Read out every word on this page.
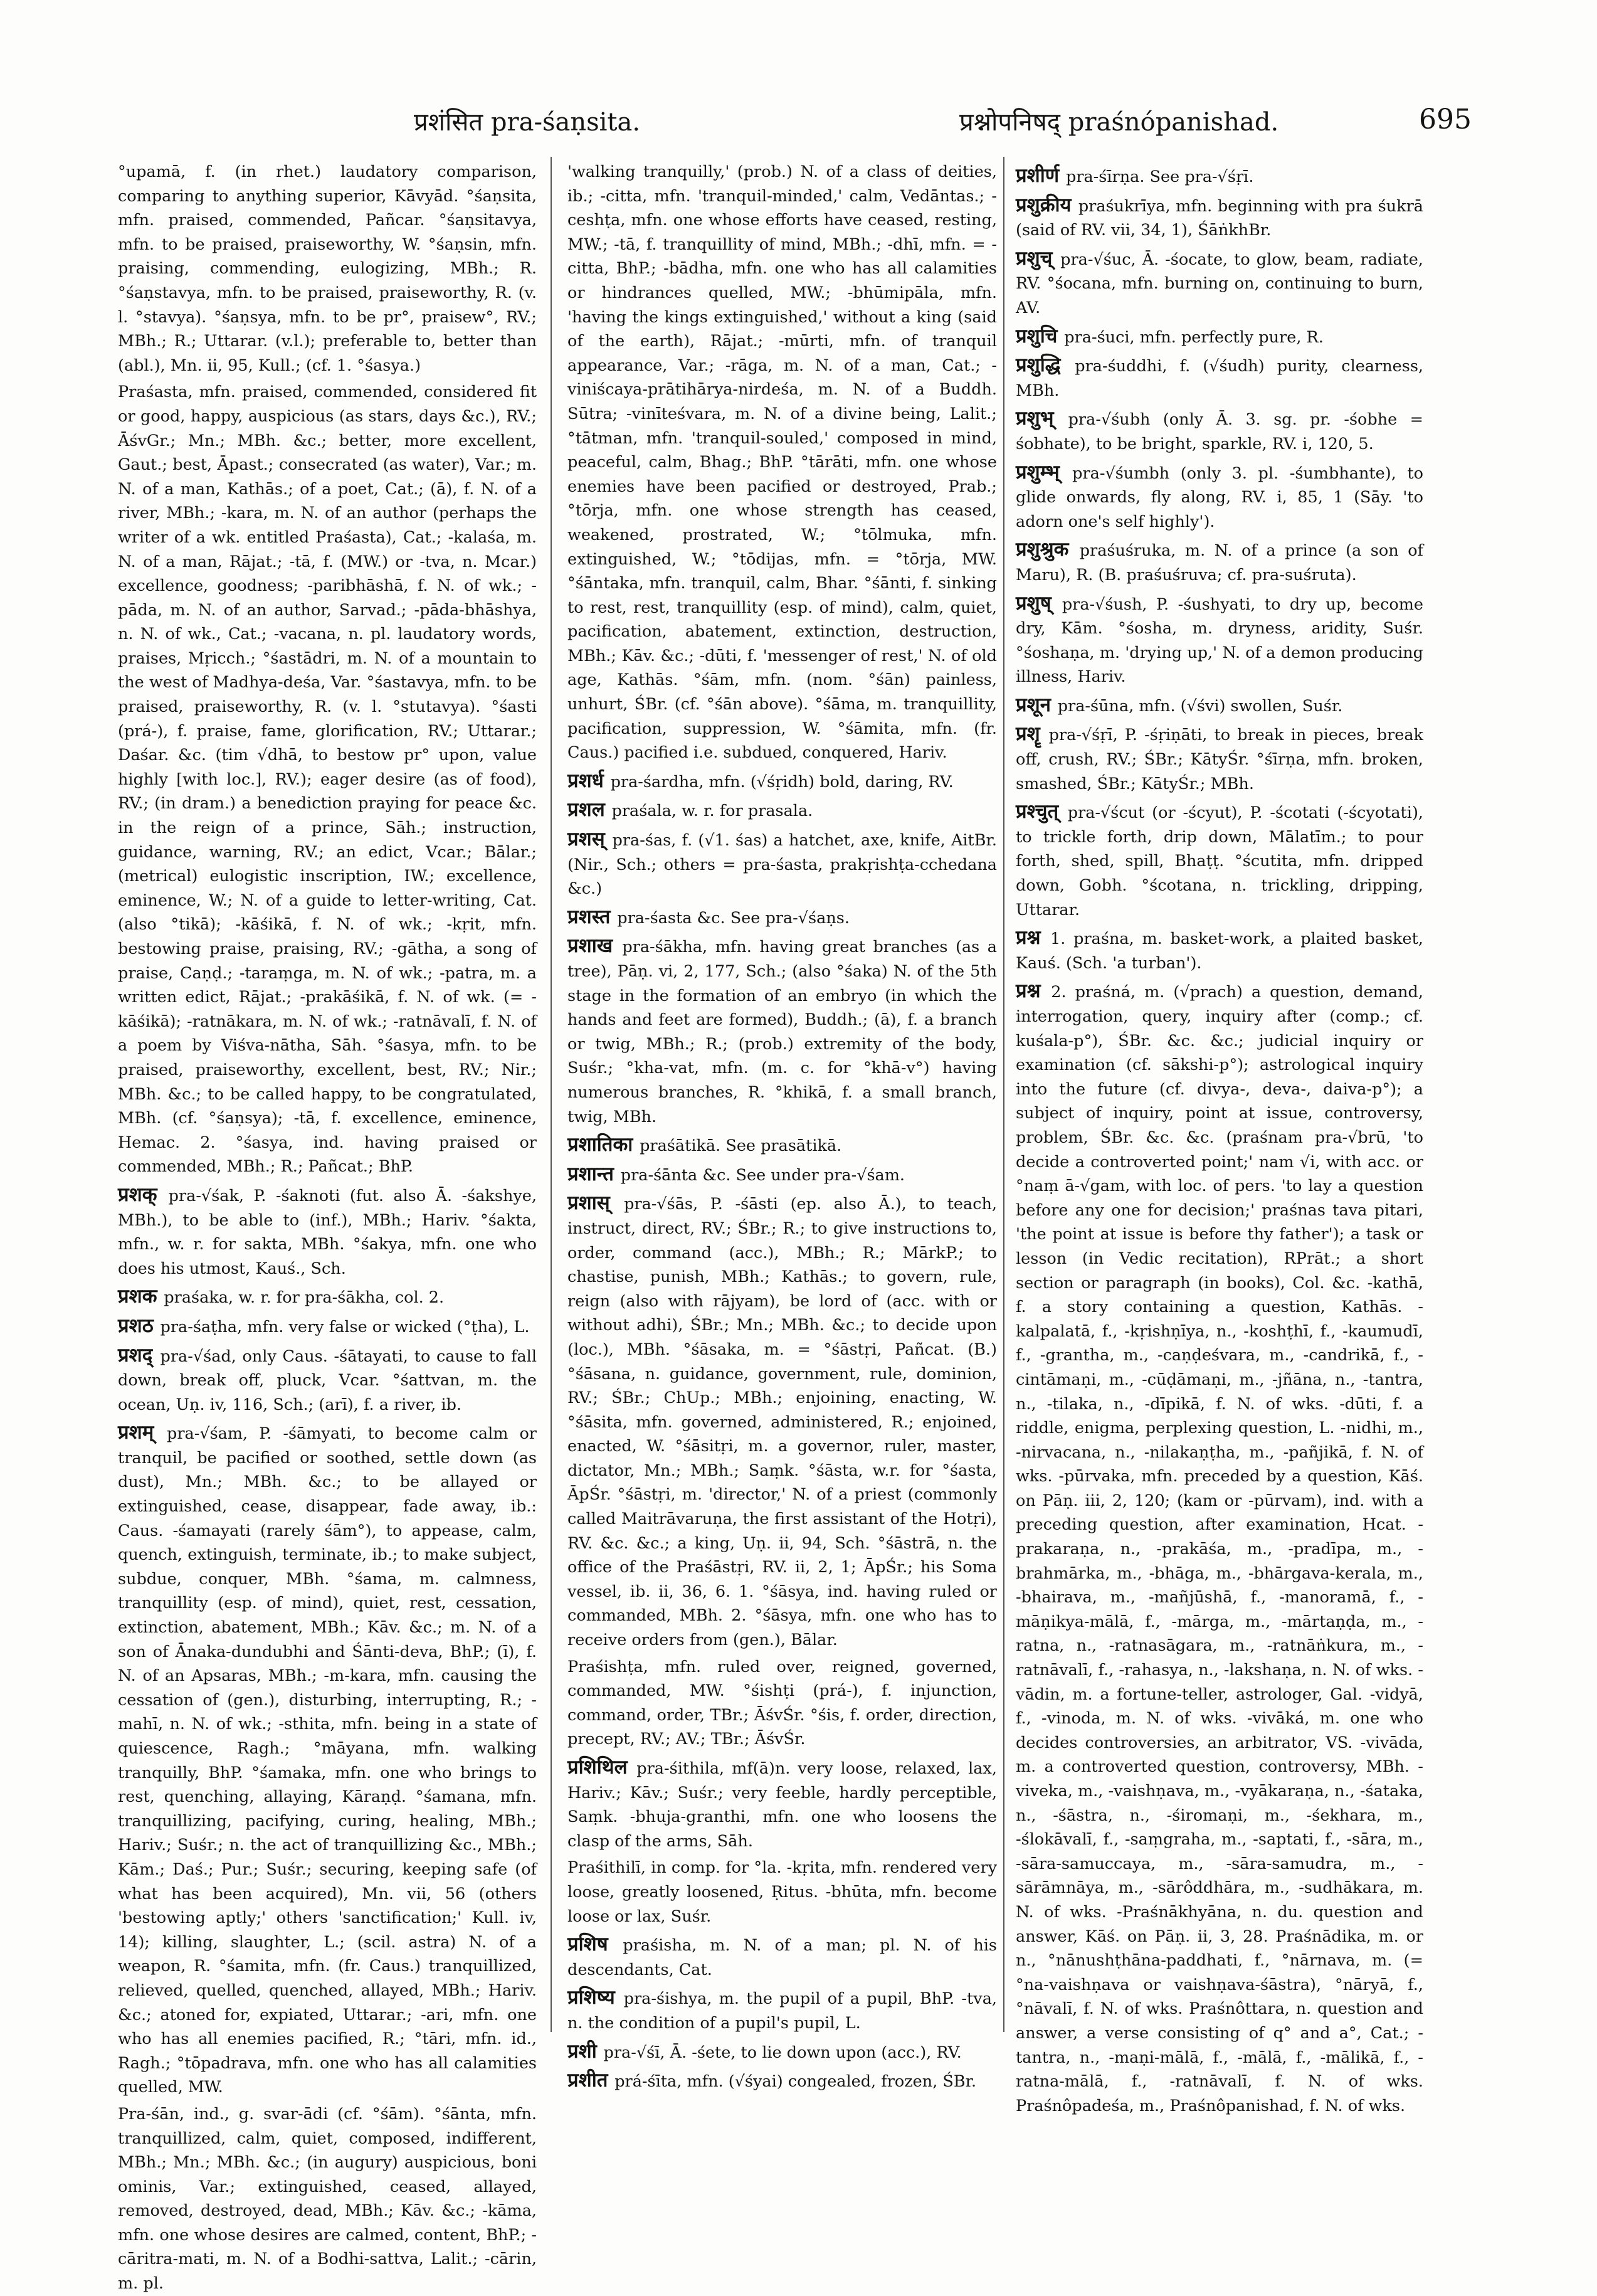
प्रशंसित pra-śaṇsita.	प्रश्नोपनिषद् praśnópanishad.	695

°upamā, f. (in rhet.) laudatory comparison, comparing to anything superior, Kāvyād. °śaṇsita, mfn. praised, commended, Pañcar. °śaṇsitavya, mfn. to be praised, praiseworthy, W. °śaṇsin, mfn. praising, commending, eulogizing, MBh.; R. °śaṇstavya, mfn. to be praised, praiseworthy, R. (v. l. °stavya). °śaṇsya, mfn. to be pr°, praisew°, RV.; MBh.; R.; Uttarar. (v.l.); preferable to, better than (abl.), Mn. ii, 95, Kull.; (cf. 1. °śasya.)

Praśasta, mfn. praised, commended, considered fit or good, happy, auspicious (as stars, days &c.), RV.; ĀśvGr.; Mn.; MBh. &c.; better, more excellent, Gaut.; best, Āpast.; consecrated (as water), Var.; m. N. of a man, Kathās.; of a poet, Cat.; (ā), f. N. of a river, MBh.; -kara, m. N. of an author (perhaps the writer of a wk. entitled Praśasta), Cat.; -kalaśa, m. N. of a man, Rājat.; -tā, f. (MW.) or -tva, n. Mcar.) excellence, goodness; -paribhāshā, f. N. of wk.; -pāda, m. N. of an author, Sarvad.; -pāda-bhāshya, n. N. of wk., Cat.; -vacana, n. pl. laudatory words, praises, Mṛicch.; °śastādri, m. N. of a mountain to the west of Madhya-deśa, Var. °śastavya, mfn. to be praised, praiseworthy, R. (v. l. °stutavya). °śasti (prá-), f. praise, fame, glorification, RV.; Uttarar.; Daśar. &c. (tim √dhā, to bestow pr° upon, value highly [with loc.], RV.); eager desire (as of food), RV.; (in dram.) a benediction praying for peace &c. in the reign of a prince, Sāh.; instruction, guidance, warning, RV.; an edict, Vcar.; Bālar.; (metrical) eulogistic inscription, IW.; excellence, eminence, W.; N. of a guide to letter-writing, Cat. (also °tikā); -kāśikā, f. N. of wk.; -kṛit, mfn. bestowing praise, praising, RV.; -gātha, a song of praise, Caṇḍ.; -taraṃga, m. N. of wk.; -patra, m. a written edict, Rājat.; -prakāśikā, f. N. of wk. (= -kāśikā); -ratnākara, m. N. of wk.; -ratnāvalī, f. N. of a poem by Viśva-nātha, Sāh. °śasya, mfn. to be praised, praiseworthy, excellent, best, RV.; Nir.; MBh. &c.; to be called happy, to be congratulated, MBh. (cf. °śaṇsya); -tā, f. excellence, eminence, Hemac. 2. °śasya, ind. having praised or commended, MBh.; R.; Pañcat.; BhP.

प्रशक् pra-√śak, P. -śaknoti (fut. also Ā. -śakshye, MBh.), to be able to (inf.), MBh.; Hariv. °śakta, mfn., w. r. for sakta, MBh. °śakya, mfn. one who does his utmost, Kauś., Sch.

प्रशक praśaka, w. r. for pra-śākha, col. 2.

प्रशठ pra-śaṭha, mfn. very false or wicked (°ṭha), L.

प्रशद् pra-√śad, only Caus. -śātayati, to cause to fall down, break off, pluck, Vcar. °śattvan, m. the ocean, Uṇ. iv, 116, Sch.; (arī), f. a river, ib.

प्रशम् pra-√śam, P. -śāmyati, to become calm or tranquil, be pacified or soothed, settle down (as dust), Mn.; MBh. &c.; to be allayed or extinguished, cease, disappear, fade away, ib.: Caus. -śamayati (rarely śām°), to appease, calm, quench, extinguish, terminate, ib.; to make subject, subdue, conquer, MBh. °śama, m. calmness, tranquillity (esp. of mind), quiet, rest, cessation, extinction, abatement, MBh.; Kāv. &c.; m. N. of a son of Ānaka-dundubhi and Śānti-deva, BhP.; (ī), f. N. of an Apsaras, MBh.; -m-kara, mfn. causing the cessation of (gen.), disturbing, interrupting, R.; -mahī, n. N. of wk.; -sthita, mfn. being in a state of quiescence, Ragh.; °māyana, mfn. walking tranquilly, BhP. °śamaka, mfn. one who brings to rest, quenching, allaying, Kāraṇḍ. °śamana, mfn. tranquillizing, pacifying, curing, healing, MBh.; Hariv.; Suśr.; n. the act of tranquillizing &c., MBh.; Kām.; Daś.; Pur.; Suśr.; securing, keeping safe (of what has been acquired), Mn. vii, 56 (others 'bestowing aptly;' others 'sanctification;' Kull. iv, 14); killing, slaughter, L.; (scil. astra) N. of a weapon, R. °śamita, mfn. (fr. Caus.) tranquillized, relieved, quelled, quenched, allayed, MBh.; Hariv. &c.; atoned for, expiated, Uttarar.; -ari, mfn. one who has all enemies pacified, R.; °tāri, mfn. id., Ragh.; °tōpadrava, mfn. one who has all calamities quelled, MW.

Pra-śān, ind., g. svar-ādi (cf. °śām). °śānta, mfn. tranquillized, calm, quiet, composed, indifferent, MBh.; Mn.; MBh. &c.; (in augury) auspicious, boni ominis, Var.; extinguished, ceased, allayed, removed, destroyed, dead, MBh.; Kāv. &c.; -kāma, mfn. one whose desires are calmed, content, BhP.; -cāritra-mati, m. N. of a Bodhi-sattva, Lalit.; -cārin, m. pl.

'walking tranquilly,' (prob.) N. of a class of deities, ib.; -citta, mfn. 'tranquil-minded,' calm, Vedāntas.; -ceshṭa, mfn. one whose efforts have ceased, resting, MW.; -tā, f. tranquillity of mind, MBh.; -dhī, mfn. = -citta, BhP.; -bādha, mfn. one who has all calamities or hindrances quelled, MW.; -bhūmipāla, mfn. 'having the kings extinguished,' without a king (said of the earth), Rājat.; -mūrti, mfn. of tranquil appearance, Var.; -rāga, m. N. of a man, Cat.; -viniścaya-prātihārya-nirdeśa, m. N. of a Buddh. Sūtra; -vinīteśvara, m. N. of a divine being, Lalit.; °tātman, mfn. 'tranquil-souled,' composed in mind, peaceful, calm, Bhag.; BhP. °tārāti, mfn. one whose enemies have been pacified or destroyed, Prab.; °tōrja, mfn. one whose strength has ceased, weakened, prostrated, W.; °tōlmuka, mfn. extinguished, W.; °tōdijas, mfn. = °tōrja, MW. °śāntaka, mfn. tranquil, calm, Bhar. °śānti, f. sinking to rest, rest, tranquillity (esp. of mind), calm, quiet, pacification, abatement, extinction, destruction, MBh.; Kāv. &c.; -dūti, f. 'messenger of rest,' N. of old age, Kathās. °śām, mfn. (nom. °śān) painless, unhurt, ŚBr. (cf. °śān above). °śāma, m. tranquillity, pacification, suppression, W. °śāmita, mfn. (fr. Caus.) pacified i.e. subdued, conquered, Hariv.

प्रशर्ध pra-śardha, mfn. (√śṛidh) bold, daring, RV.

प्रशल praśala, w. r. for prasala.

प्रशस् pra-śas, f. (√1. śas) a hatchet, axe, knife, AitBr. (Nir., Sch.; others = pra-śasta, prakṛishṭa-cchedana &c.)

प्रशस्त pra-śasta &c. See pra-√śaṇs.

प्रशाख pra-śākha, mfn. having great branches (as a tree), Pāṇ. vi, 2, 177, Sch.; (also °śaka) N. of the 5th stage in the formation of an embryo (in which the hands and feet are formed), Buddh.; (ā), f. a branch or twig, MBh.; R.; (prob.) extremity of the body, Suśr.; °kha-vat, mfn. (m. c. for °khā-v°) having numerous branches, R. °khikā, f. a small branch, twig, MBh.

प्रशातिका praśātikā. See prasātikā.

प्रशान्त pra-śānta &c. See under pra-√śam.

प्रशास् pra-√śās, P. -śāsti (ep. also Ā.), to teach, instruct, direct, RV.; ŚBr.; R.; to give instructions to, order, command (acc.), MBh.; R.; MārkP.; to chastise, punish, MBh.; Kathās.; to govern, rule, reign (also with rājyam), be lord of (acc. with or without adhi), ŚBr.; Mn.; MBh. &c.; to decide upon (loc.), MBh. °śāsaka, m. = °śāstṛi, Pañcat. (B.) °śāsana, n. guidance, government, rule, dominion, RV.; ŚBr.; ChUp.; MBh.; enjoining, enacting, W. °śāsita, mfn. governed, administered, R.; enjoined, enacted, W. °śāsitṛi, m. a governor, ruler, master, dictator, Mn.; MBh.; Saṃk. °śāsta, w.r. for °śasta, ĀpŚr. °śāstṛi, m. 'director,' N. of a priest (commonly called Maitrāvaruṇa, the first assistant of the Hotṛi), RV. &c. &c.; a king, Uṇ. ii, 94, Sch. °śāstrā, n. the office of the Praśāstṛi, RV. ii, 2, 1; ĀpŚr.; his Soma vessel, ib. ii, 36, 6. 1. °śāsya, ind. having ruled or commanded, MBh. 2. °śāsya, mfn. one who has to receive orders from (gen.), Bālar.

Praśishṭa, mfn. ruled over, reigned, governed, commanded, MW. °śishṭi (prá-), f. injunction, command, order, TBr.; ĀśvŚr. °śis, f. order, direction, precept, RV.; AV.; TBr.; ĀśvŚr.

प्रशिथिल pra-śithila, mf(ā)n. very loose, relaxed, lax, Hariv.; Kāv.; Suśr.; very feeble, hardly perceptible, Saṃk. -bhuja-granthi, mfn. one who loosens the clasp of the arms, Sāh.

Praśithilī, in comp. for °la. -kṛita, mfn. rendered very loose, greatly loosened, Ṛitus. -bhūta, mfn. become loose or lax, Suśr.

प्रशिष praśisha, m. N. of a man; pl. N. of his descendants, Cat.

प्रशिष्य pra-śishya, m. the pupil of a pupil, BhP. -tva, n. the condition of a pupil's pupil, L.

प्रशी pra-√śī, Ā. -śete, to lie down upon (acc.), RV.

प्रशीत prá-śīta, mfn. (√śyai) congealed, frozen, ŚBr.

प्रशीर्ण pra-śīrṇa. See pra-√śṛī.

प्रशुक्रीय praśukrīya, mfn. beginning with pra śukrā (said of RV. vii, 34, 1), ŚāṅkhBr.

प्रशुच् pra-√śuc, Ā. -śocate, to glow, beam, radiate, RV. °śocana, mfn. burning on, continuing to burn, AV.

प्रशुचि pra-śuci, mfn. perfectly pure, R.

प्रशुद्धि pra-śuddhi, f. (√śudh) purity, clearness, MBh.

प्रशुभ् pra-√śubh (only Ā. 3. sg. pr. -śobhe = śobhate), to be bright, sparkle, RV. i, 120, 5.

प्रशुम्भ् pra-√śumbh (only 3. pl. -śumbhante), to glide onwards, fly along, RV. i, 85, 1 (Sāy. 'to adorn one's self highly').

प्रशुश्रुक praśuśruka, m. N. of a prince (a son of Maru), R. (B. praśuśruva; cf. pra-suśruta).

प्रशुष् pra-√śush, P. -śushyati, to dry up, become dry, Kām. °śosha, m. dryness, aridity, Suśr. °śoshaṇa, m. 'drying up,' N. of a demon producing illness, Hariv.

प्रशून pra-śūna, mfn. (√śvi) swollen, Suśr.

प्रशॄ pra-√śṛī, P. -śṛiṇāti, to break in pieces, break off, crush, RV.; ŚBr.; KātyŚr. °śīrṇa, mfn. broken, smashed, ŚBr.; KātyŚr.; MBh.

प्रश्चुत् pra-√ścut (or -ścyut), P. -ścotati (-ścyotati), to trickle forth, drip down, Mālatīm.; to pour forth, shed, spill, Bhaṭṭ. °ścutita, mfn. dripped down, Gobh. °ścotana, n. trickling, dripping, Uttarar.

प्रश्न 1. praśna, m. basket-work, a plaited basket, Kauś. (Sch. 'a turban').

प्रश्न 2. praśná, m. (√prach) a question, demand, interrogation, query, inquiry after (comp.; cf. kuśala-p°), ŚBr. &c. &c.; judicial inquiry or examination (cf. sākshi-p°); astrological inquiry into the future (cf. divya-, deva-, daiva-p°); a subject of inquiry, point at issue, controversy, problem, ŚBr. &c. &c. (praśnam pra-√brū, 'to decide a controverted point;' nam √i, with acc. or °naṃ ā-√gam, with loc. of pers. 'to lay a question before any one for decision;' praśnas tava pitari, 'the point at issue is before thy father'); a task or lesson (in Vedic recitation), RPrāt.; a short section or paragraph (in books), Col. &c. -kathā, f. a story containing a question, Kathās. -kalpalatā, f., -kṛishṇīya, n., -koshṭhī, f., -kaumudī, f., -grantha, m., -caṇḍeśvara, m., -candrikā, f., -cintāmaṇi, m., -cūḍāmaṇi, m., -jñāna, n., -tantra, n., -tilaka, n., -dīpikā, f. N. of wks. -dūti, f. a riddle, enigma, perplexing question, L. -nidhi, m., -nirvacana, n., -nilakaṇṭha, m., -pañjikā, f. N. of wks. -pūrvaka, mfn. preceded by a question, Kāś. on Pāṇ. iii, 2, 120; (kam or -pūrvam), ind. with a preceding question, after examination, Hcat. -prakaraṇa, n., -prakāśa, m., -pradīpa, m., -brahmārka, m., -bhāga, m., -bhārgava-kerala, m., -bhairava, m., -mañjūshā, f., -manoramā, f., -māṇikya-mālā, f., -mārga, m., -mārtaṇḍa, m., -ratna, n., -ratnasāgara, m., -ratnāṅkura, m., -ratnāvalī, f., -rahasya, n., -lakshaṇa, n. N. of wks. -vādin, m. a fortune-teller, astrologer, Gal. -vidyā, f., -vinoda, m. N. of wks. -vivāká, m. one who decides controversies, an arbitrator, VS. -vivāda, m. a controverted question, controversy, MBh. -viveka, m., -vaishṇava, m., -vyākaraṇa, n., -śataka, n., -śāstra, n., -śiromaṇi, m., -śekhara, m., -ślokāvalī, f., -saṃgraha, m., -saptati, f., -sāra, m., -sāra-samuccaya, m., -sāra-samudra, m., -sārāmnāya, m., -sārôddhāra, m., -sudhākara, m. N. of wks. -Praśnākhyāna, n. du. question and answer, Kāś. on Pāṇ. ii, 3, 28. Praśnādika, m. or n., °nānushṭhāna-paddhati, f., °nārnava, m. (= °na-vaishṇava or vaishṇava-śāstra), °nāryā, f., °nāvalī, f. N. of wks. Praśnôttara, n. question and answer, a verse consisting of q° and a°, Cat.; -tantra, n., -maṇi-mālā, f., -mālā, f., -mālikā, f., -ratna-mālā, f., -ratnāvalī, f. N. of wks. Praśnôpadeśa, m., Praśnôpanishad, f. N. of wks.
